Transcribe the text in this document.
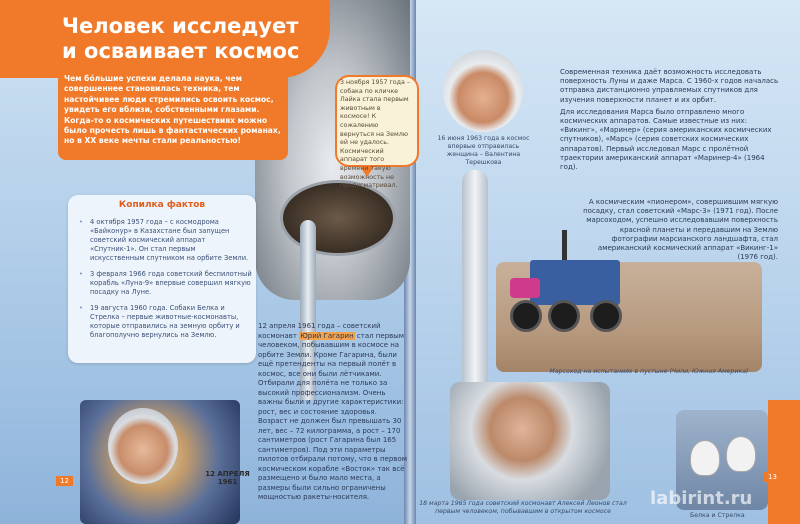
Человек исследует
и осваивает космос
Чем бо́льшие успехи делала наука, чем совершеннее становилась техника, тем настойчивее люди стремились освоить космос, увидеть его вблизи, собственными глазами. Когда-то о космических путешествиях можно было прочесть лишь в фантастических романах, но в XX веке мечты стали реальностью!
3 ноября 1957 года – собака по кличке Лайка стала первым животным в космосе! К сожалению вернуться на Землю ей не удалось. Космический аппарат того времени такую возможность не предусматривал.
Копилка фактов
• 4 октября 1957 года – с космодрома «Байконур» в Казахстане был запущен советский космический аппарат «Спутник-1». Он стал первым искусственным спутником на орбите Земли.
• 3 февраля 1966 года советский беспилотный корабль «Луна-9» впервые совершил мягкую посадку на Луне.
• 19 августа 1960 года. Собаки Белка и Стрелка – первые животные-космонавты, которые отправились на земную орбиту и благополучно вернулись на Землю.
12 АПРЕЛЯ 1961
12 апреля 1961 года – советский космонавт Юрий Гагарин стал первым человеком, побывавшим в космосе на орбите Земли. Кроме Гагарина, были ещё претенденты на первый полёт в космос, все они были лётчиками. Отбирали для полёта не только за высокий профессионализм. Очень важны были и другие характеристики: рост, вес и состояние здоровья. Возраст не должен был превышать 30 лет, вес – 72 килограмма, а рост – 170 сантиметров (рост Гагарина был 165 сантиметров). Под эти параметры пилотов отбирали потому, что в первом космическом корабле «Восток» так всё размещено и было мало места, а размеры были сильно ограничены мощностью ракеты-носителя.
12
16 июня 1963 года в космос впервые отправилась женщина – Валентина Терешкова

Современная техника даёт возможность исследовать поверхность Луны и даже Марса. С 1960-х годов началась отправка дистанционно управляемых спутников для изучения поверхности планет и их орбит.

Для исследования Марса было отправлено много космических аппаратов. Самые известные из них: «Викинг», «Маринер» (серия американских космических спутников), «Марс» (серия советских космических аппаратов). Первый исследовал Марс с пролётной траектории американский аппарат «Маринер-4» (1964 год).

А космическим «пионером», совершившим мягкую посадку, стал советский «Марс-3» (1971 год). После марсоходом, успешно исследовавшим поверхность красной планеты и передавшим на Землю фотографии марсианского ландшафта, стал американский космический аппарат «Викинг-1» (1976 год).
Марсоход на испытаниях в пустыне (Чили, Южная Америка)
18 марта 1965 года советский космонавт Алексей Леонов стал первым человеком, побывавшим в открытом космосе
Белка и Стрелка
labirint.ru
13
